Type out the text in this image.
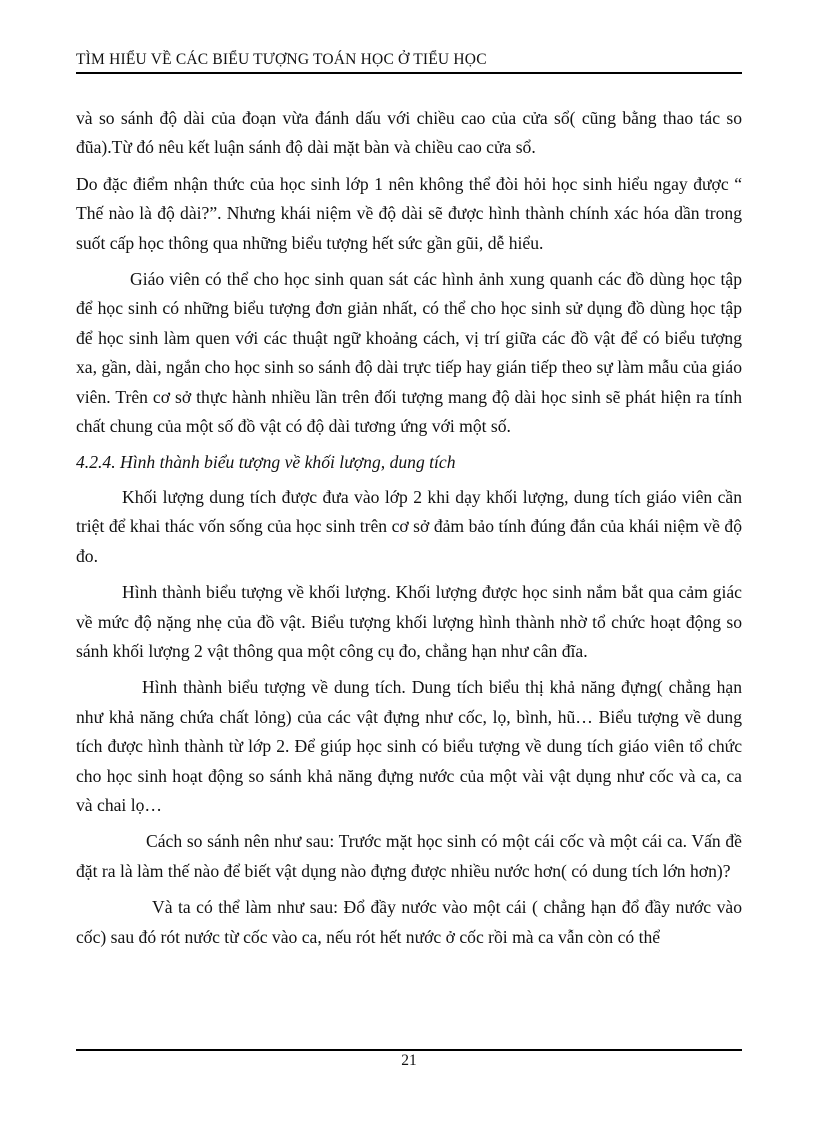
TÌM HIỂU VỀ CÁC BIỂU TƯỢNG TOÁN HỌC Ở TIỂU HỌC

và so sánh độ dài của đoạn vừa đánh dấu với chiều cao của cửa sổ( cũng bằng thao tác so đũa).Từ đó nêu kết luận sánh độ dài mặt bàn và chiều cao cửa sổ.

Do đặc điểm nhận thức của học sinh lớp 1 nên không thể đòi hỏi học sinh hiểu ngay được “ Thế nào là độ dài?”. Nhưng khái niệm về độ dài sẽ được hình thành chính xác hóa dần trong suốt cấp học thông qua những biểu tượng hết sức gần gũi, dễ hiểu.

Giáo viên có thể cho học sinh quan sát các hình ảnh xung quanh các đồ dùng học tập để học sinh có những biểu tượng đơn giản nhất, có thể cho học sinh sử dụng đồ dùng học tập để học sinh làm quen với các thuật ngữ khoảng cách, vị trí giữa các đồ vật để có biểu tượng xa, gần, dài, ngắn cho học sinh so sánh độ dài trực tiếp hay gián tiếp theo sự làm mẫu của giáo viên. Trên cơ sở thực hành nhiều lần trên đối tượng mang độ dài học sinh sẽ phát hiện ra tính chất chung của một số đồ vật có độ dài tương ứng với một số.

4.2.4. Hình thành biểu tượng về khối lượng, dung tích

Khối lượng dung tích được đưa vào lớp 2 khi dạy khối lượng, dung tích giáo viên cần triệt để khai thác vốn sống của học sinh trên cơ sở đảm bảo tính đúng đắn của khái niệm về độ đo.

Hình thành biểu tượng về khối lượng. Khối lượng được học sinh nắm bắt qua cảm giác về mức độ nặng nhẹ của đồ vật. Biểu tượng khối lượng hình thành nhờ tổ chức hoạt động so sánh khối lượng 2 vật thông qua một công cụ đo, chẳng hạn như cân đĩa.

Hình thành biểu tượng về dung tích. Dung tích biểu thị khả năng đựng( chẳng hạn như khả năng chứa chất lỏng) của các vật đựng như cốc, lọ, bình, hũ… Biểu tượng về dung tích được hình thành từ lớp 2. Để giúp học sinh có biểu tượng về dung tích giáo viên tổ chức cho học sinh hoạt động so sánh khả năng đựng nước của một vài vật dụng như cốc và ca, ca và chai lọ…

Cách so sánh nên như sau: Trước mặt học sinh có một cái cốc và một cái ca. Vấn đề đặt ra là làm thế nào để biết vật dụng nào đựng được nhiều nước hơn( có dung tích lớn hơn)?

Và ta có thể làm như sau: Đổ đầy nước vào một cái ( chẳng hạn đổ đầy nước vào cốc) sau đó rót nước từ cốc vào ca, nếu rót hết nước ở cốc rồi mà ca vẫn còn có thể

21
